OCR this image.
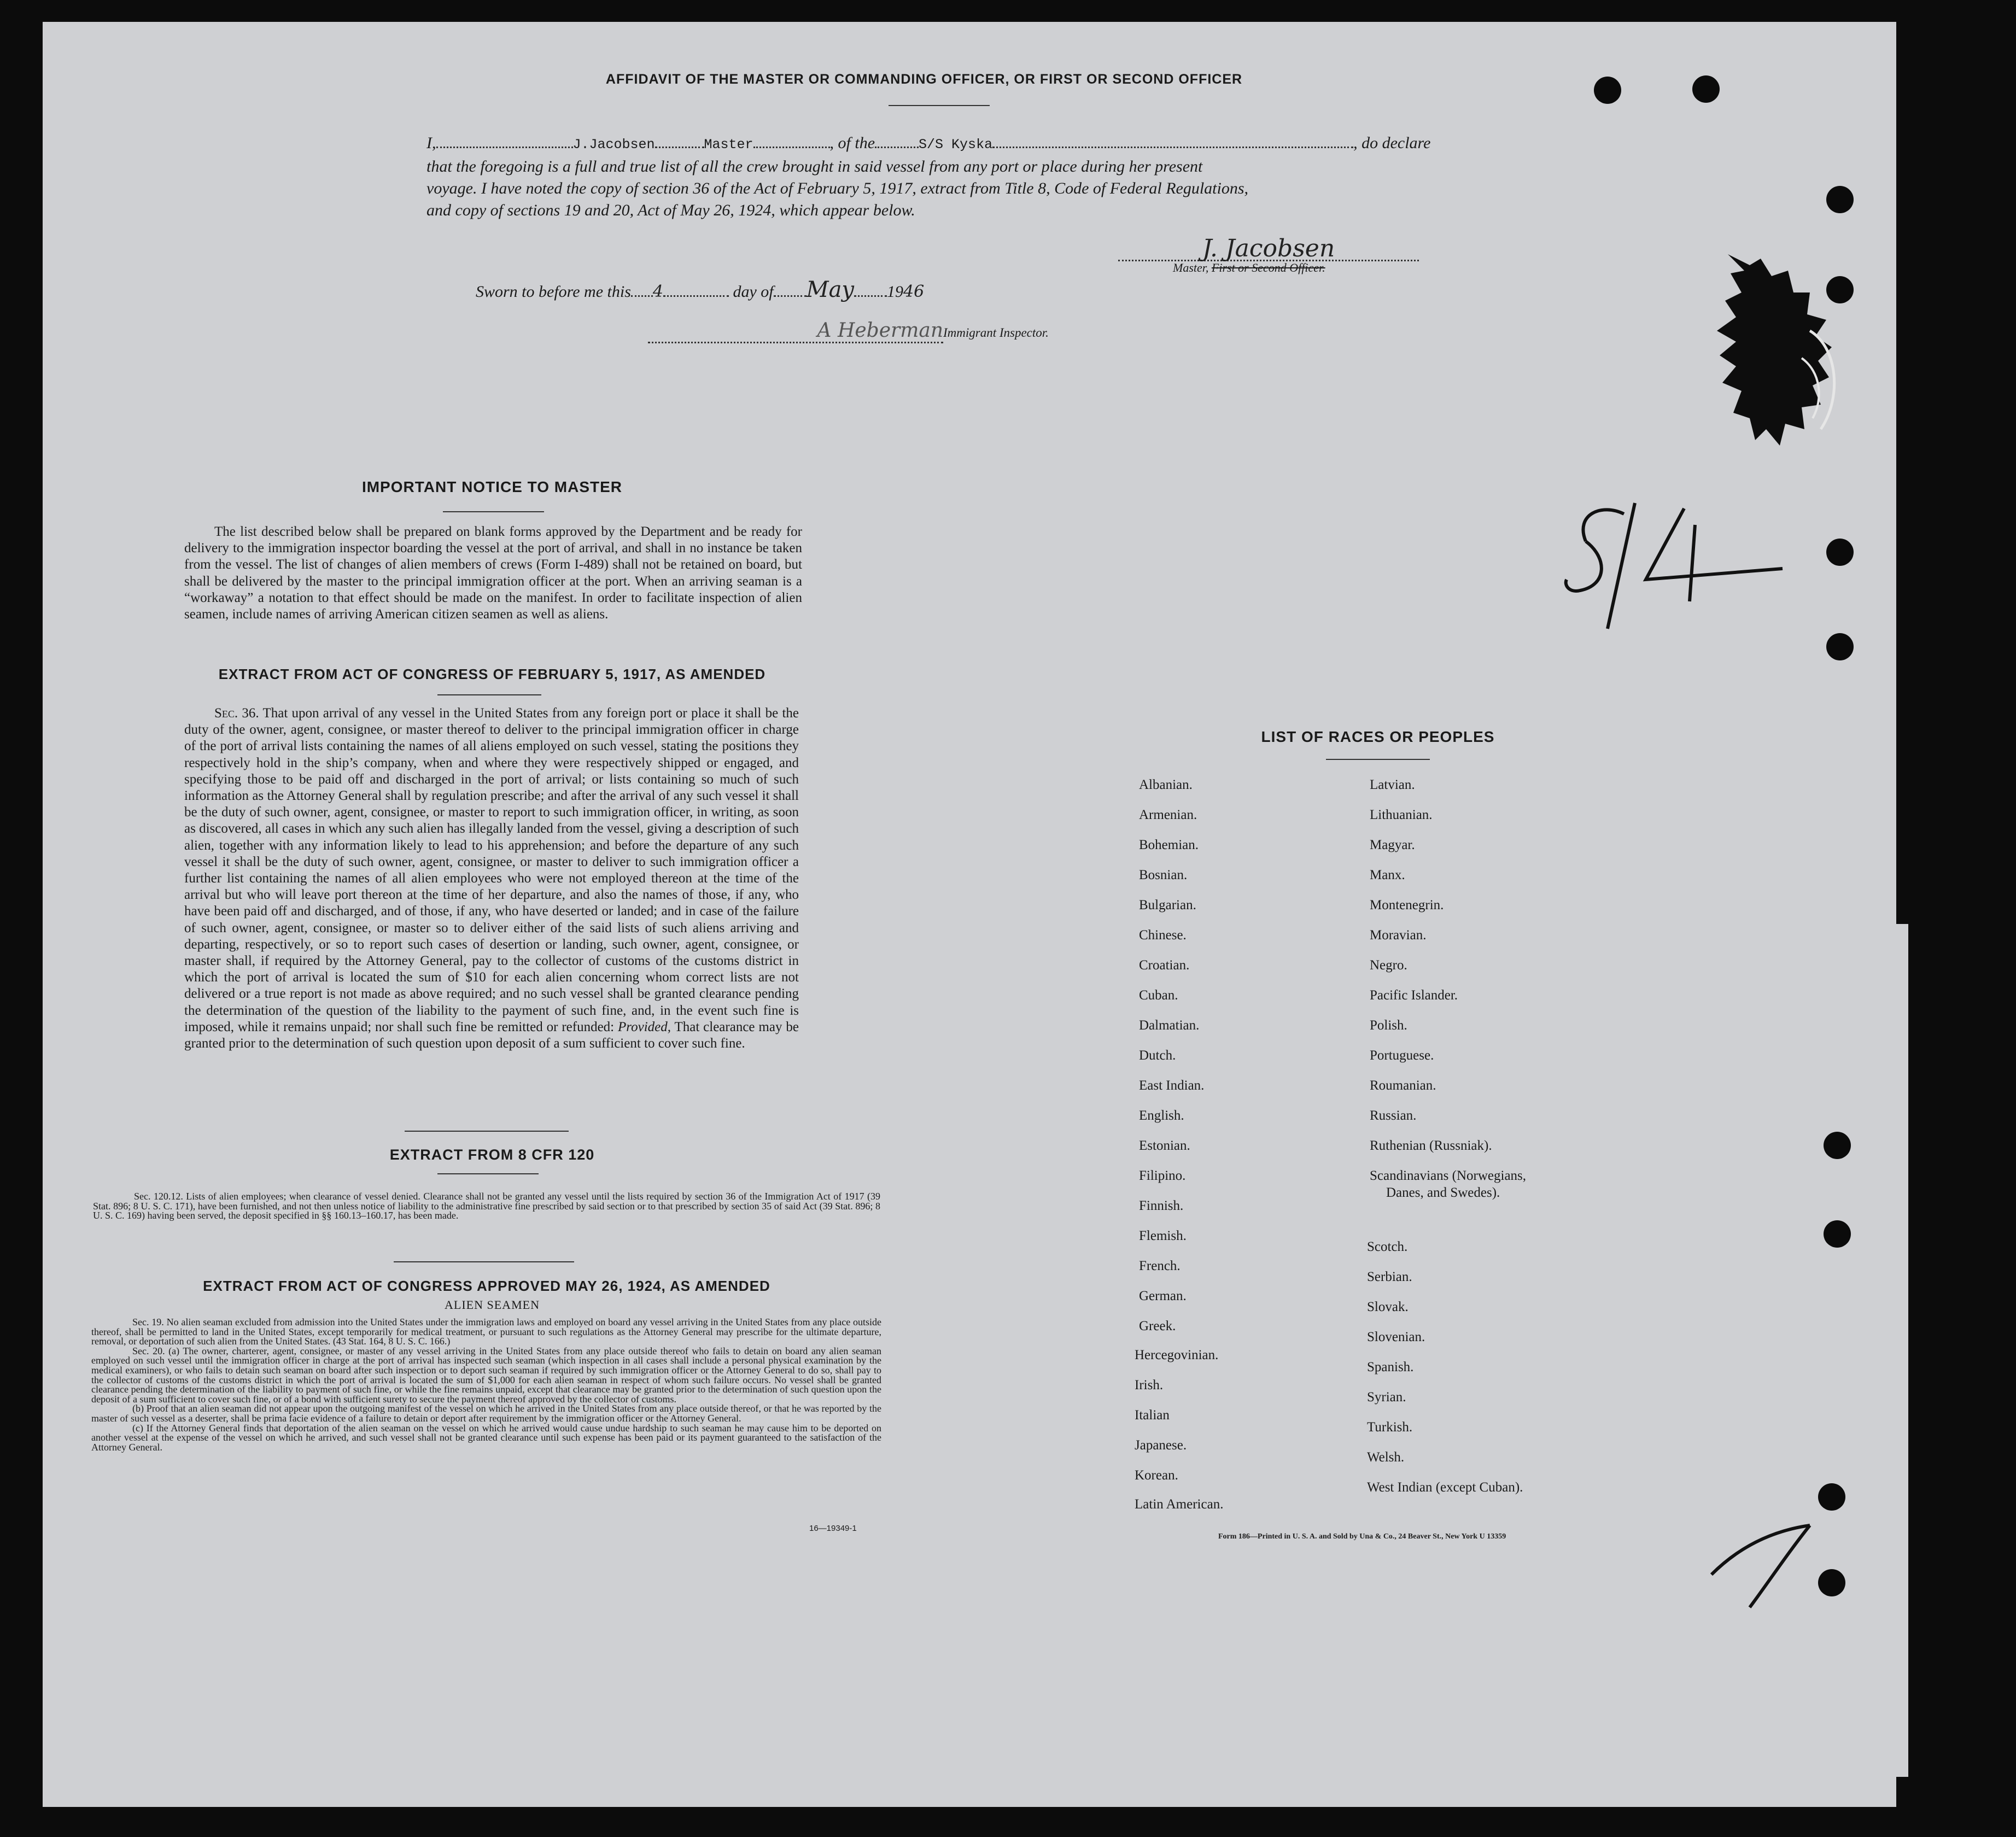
AFFIDAVIT OF THE MASTER OR COMMANDING OFFICER, OR FIRST OR SECOND OFFICER
I,	J.Jacobsen	Master	, of the	S/S Kyska	, do declare
that the foregoing is a full and true list of all the crew brought in said vessel from any port or place during her present
voyage. I have noted the copy of section 36 of the Act of February 5, 1917, extract from Title 8, Code of Federal Regulations,
and copy of sections 19 and 20, Act of May 26, 1924, which appear below.
J. Jacobsen
Master, First or Second Officer.
Sworn to before me this 4	day of May 1946
A HebermanImmigrant Inspector.
IMPORTANT NOTICE TO MASTER
The list described below shall be prepared on blank forms approved by the Department and be ready for delivery to the immigration inspector boarding the vessel at the port of arrival, and shall in no instance be taken from the vessel. The list of changes of alien members of crews (Form I-489) shall not be retained on board, but shall be delivered by the master to the principal immigration officer at the port. When an arriving seaman is a “workaway” a notation to that effect should be made on the manifest. In order to facilitate inspection of alien seamen, include names of arriving American citizen seamen as well as aliens.
EXTRACT FROM ACT OF CONGRESS OF FEBRUARY 5, 1917, AS AMENDED
Sec. 36. That upon arrival of any vessel in the United States from any foreign port or place it shall be the duty of the owner, agent, consignee, or master thereof to deliver to the principal immigration officer in charge of the port of arrival lists containing the names of all aliens employed on such vessel, stating the positions they respectively hold in the ship’s company, when and where they were respectively shipped or engaged, and specifying those to be paid off and discharged in the port of arrival; or lists containing so much of such information as the Attorney General shall by regulation prescribe; and after the arrival of any such vessel it shall be the duty of such owner, agent, consignee, or master to report to such immigration officer, in writing, as soon as discovered, all cases in which any such alien has illegally landed from the vessel, giving a description of such alien, together with any information likely to lead to his apprehension; and before the departure of any such vessel it shall be the duty of such owner, agent, consignee, or master to deliver to such immigration officer a further list containing the names of all alien employees who were not employed thereon at the time of the arrival but who will leave port thereon at the time of her departure, and also the names of those, if any, who have been paid off and discharged, and of those, if any, who have deserted or landed; and in case of the failure of such owner, agent, consignee, or master so to deliver either of the said lists of such aliens arriving and departing, respectively, or so to report such cases of desertion or landing, such owner, agent, consignee, or master shall, if required by the Attorney General, pay to the collector of customs of the customs district in which the port of arrival is located the sum of $10 for each alien concerning whom correct lists are not delivered or a true report is not made as above required; and no such vessel shall be granted clearance pending the determination of the question of the liability to the payment of such fine, and, in the event such fine is imposed, while it remains unpaid; nor shall such fine be remitted or refunded: Provided, That clearance may be granted prior to the determination of such question upon deposit of a sum sufficient to cover such fine.
EXTRACT FROM 8 CFR 120
Sec. 120.12. Lists of alien employees; when clearance of vessel denied. Clearance shall not be granted any vessel until the lists required by section 36 of the Immigration Act of 1917 (39 Stat. 896; 8 U. S. C. 171), have been furnished, and not then unless notice of liability to the administrative fine prescribed by said section or to that prescribed by section 35 of said Act (39 Stat. 896; 8 U. S. C. 169) having been served, the deposit specified in §§ 160.13–160.17, has been made.
EXTRACT FROM ACT OF CONGRESS APPROVED MAY 26, 1924, AS AMENDED
ALIEN SEAMEN
Sec. 19. No alien seaman excluded from admission into the United States under the immigration laws and employed on board any vessel arriving in the United States from any place outside thereof, shall be permitted to land in the United States, except temporarily for medical treatment, or pursuant to such regulations as the Attorney General may prescribe for the ultimate departure, removal, or deportation of such alien from the United States. (43 Stat. 164, 8 U. S. C. 166.)
Sec. 20. (a) The owner, charterer, agent, consignee, or master of any vessel arriving in the United States from any place outside thereof who fails to detain on board any alien seaman employed on such vessel until the immigration officer in charge at the port of arrival has inspected such seaman (which inspection in all cases shall include a personal physical examination by the medical examiners), or who fails to detain such seaman on board after such inspection or to deport such seaman if required by such immigration officer or the Attorney General to do so, shall pay to the collector of customs of the customs district in which the port of arrival is located the sum of $1,000 for each alien seaman in respect of whom such failure occurs. No vessel shall be granted clearance pending the determination of the liability to payment of such fine, or while the fine remains unpaid, except that clearance may be granted prior to the determination of such question upon the deposit of a sum sufficient to cover such fine, or of a bond with sufficient surety to secure the payment thereof approved by the collector of customs.
(b) Proof that an alien seaman did not appear upon the outgoing manifest of the vessel on which he arrived in the United States from any place outside thereof, or that he was reported by the master of such vessel as a deserter, shall be prima facie evidence of a failure to detain or deport after requirement by the immigration officer or the Attorney General.
(c) If the Attorney General finds that deportation of the alien seaman on the vessel on which he arrived would cause undue hardship to such seaman he may cause him to be deported on another vessel at the expense of the vessel on which he arrived, and such vessel shall not be granted clearance until such expense has been paid or its payment guaranteed to the satisfaction of the Attorney General.
16—19349-1
LIST OF RACES OR PEOPLES
Form 186—Printed in U. S. A. and Sold by Una & Co., 24 Beaver St., New York U 13359
Albanian.
Armenian.
Bohemian.
Bosnian.
Bulgarian.
Chinese.
Croatian.
Cuban.
Dalmatian.
Dutch.
East Indian.
English.
Estonian.
Filipino.
Finnish.
Flemish.
French.
German.
Greek.
Hercegovinian.
Irish.
Italian
Japanese.
Korean.
Latin American.
Latvian.
Lithuanian.
Magyar.
Manx.
Montenegrin.
Moravian.
Negro.
Pacific Islander.
Polish.
Portuguese.
Roumanian.
Russian.
Ruthenian (Russniak).
Scandinavians (Norwegians,
Danes, and Swedes).
Scotch.
Serbian.
Slovak.
Slovenian.
Spanish.
Syrian.
Turkish.
Welsh.
West Indian (except Cuban).
